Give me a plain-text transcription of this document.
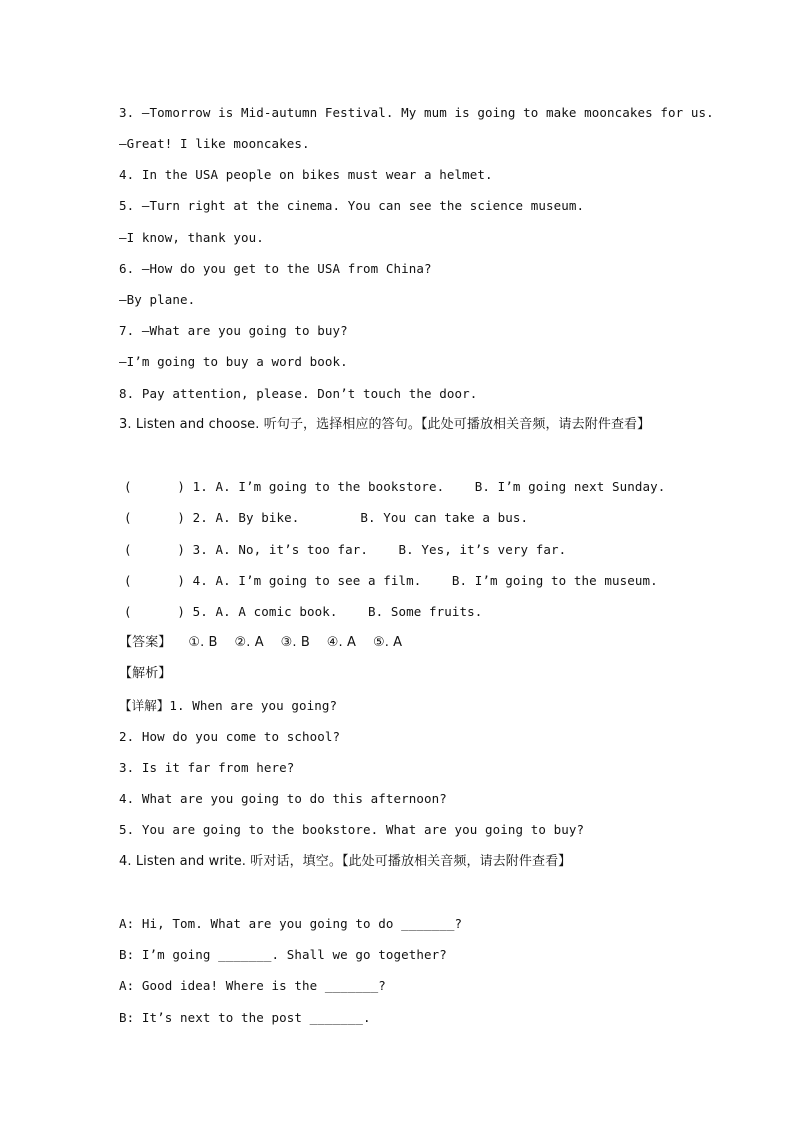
3. —Tomorrow is Mid-autumn Festival. My mum is going to make mooncakes for us.
—Great! I like mooncakes.
4. In the USA people on bikes must wear a helmet.
5. —Turn right at the cinema. You can see the science museum.
—I know, thank you.
6. —How do you get to the USA from China?
—By plane.
7. —What are you going to buy?
—I’m going to buy a word book.
8. Pay attention, please. Don’t touch the door.
3. Listen and choose. 听句子，选择相应的答句。【此处可播放相关音频，请去附件查看】
(      ) 1. A. I’m going to the bookstore.    B. I’m going next Sunday.
(      ) 2. A. By bike.        B. You can take a bus.
(      ) 3. A. No, it’s too far.    B. Yes, it’s very far.
(      ) 4. A. I’m going to see a film.    B. I’m going to the museum.
(      ) 5. A. A comic book.    B. Some fruits.
【答案】    ①. B    ②. A    ③. B    ④. A    ⑤. A
【解析】
【详解】1. When are you going?
2. How do you come to school?
3. Is it far from here?
4. What are you going to do this afternoon?
5. You are going to the bookstore. What are you going to buy?
4. Listen and write. 听对话，填空。【此处可播放相关音频，请去附件查看】
A: Hi, Tom. What are you going to do _______?
B: I’m going _______. Shall we go together?
A: Good idea! Where is the _______?
B: It’s next to the post _______.
